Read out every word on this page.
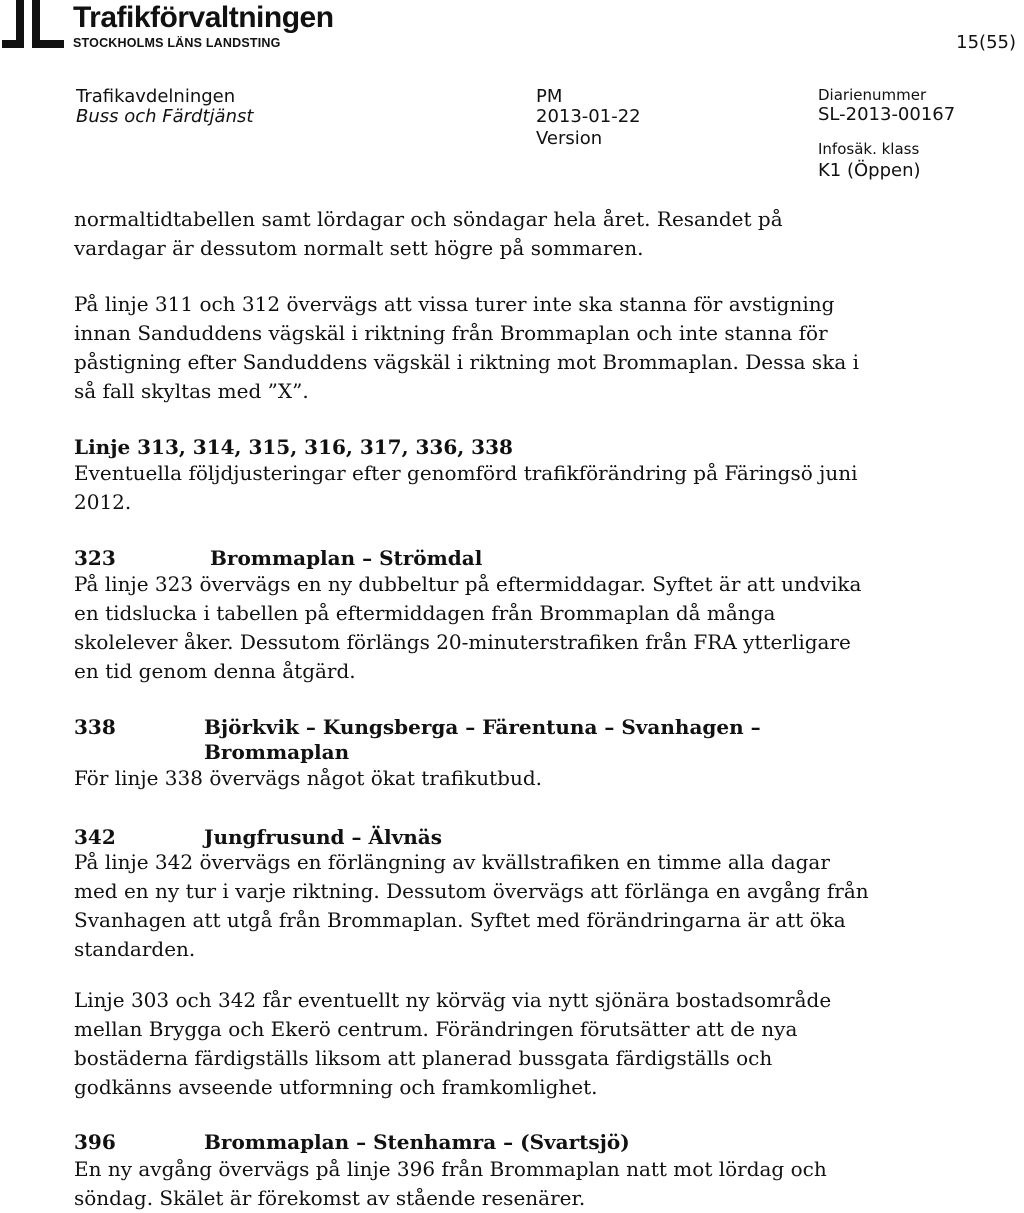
Trafikförvaltningen
STOCKHOLMS LÄNS LANDSTING	15(55)
Trafikavdelningen
Buss och Färdtjänst
PM
2013-01-22
Version
Diarienummer
SL-2013-00167
Infosäk. klass
K1 (Öppen)

normaltidtabellen samt lördagar och söndagar hela året. Resandet på vardagar är dessutom normalt sett högre på sommaren.

På linje 311 och 312 övervägs att vissa turer inte ska stanna för avstigning innan Sanduddens vägskäl i riktning från Brommaplan och inte stanna för påstigning efter Sanduddens vägskäl i riktning mot Brommaplan. Dessa ska i så fall skyltas med ”X”.

Linje 313, 314, 315, 316, 317, 336, 338

Eventuella följdjusteringar efter genomförd trafikförändring på Färingsö juni 2012.

323	Brommaplan – Strömdal

På linje 323 övervägs en ny dubbeltur på eftermiddagar. Syftet är att undvika en tidslucka i tabellen på eftermiddagen från Brommaplan då många skolelever åker. Dessutom förlängs 20-minuterstrafiken från FRA ytterligare en tid genom denna åtgärd.

338	Björkvik – Kungsberga – Färentuna – Svanhagen –
Brommaplan

För linje 338 övervägs något ökat trafikutbud.

342	Jungfrusund – Älvnäs

På linje 342 övervägs en förlängning av kvällstrafiken en timme alla dagar med en ny tur i varje riktning. Dessutom övervägs att förlänga en avgång från Svanhagen att utgå från Brommaplan. Syftet med förändringarna är att öka standarden.

Linje 303 och 342 får eventuellt ny körväg via nytt sjönära bostadsområde mellan Brygga och Ekerö centrum. Förändringen förutsätter att de nya bostäderna färdigställs liksom att planerad bussgata färdigställs och godkänns avseende utformning och framkomlighet.

396	Brommaplan – Stenhamra – (Svartsjö)

En ny avgång övervägs på linje 396 från Brommaplan natt mot lördag och söndag. Skälet är förekomst av stående resenärer.
